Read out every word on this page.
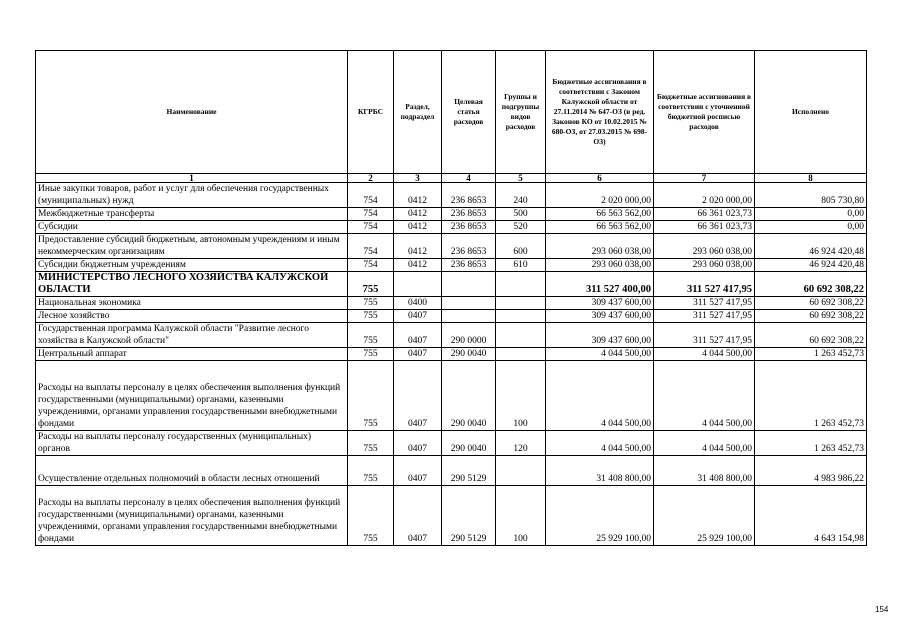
Наименование	КГРБС	Раздел, подраздел	Целевая статья расходов	Группы и подгруппы видов расходов	Бюджетные ассигнования в соответствии с Законом Калужской области от 27.11.2014 № 647-ОЗ (в ред. Законов КО от 10.02.2015 № 680-ОЗ, от 27.03.2015 № 698-ОЗ)	Бюджетные ассигнования в соответствии с уточненной бюджетной росписью расходов	Исполнено
1	2	3	4	5	6	7	8
Иные закупки товаров, работ и услуг для обеспечения государственных (муниципальных) нужд	754	0412	236 8653	240	2 020 000,00	2 020 000,00	805 730,80
Межбюджетные трансферты	754	0412	236 8653	500	66 563 562,00	66 361 023,73	0,00
Субсидии	754	0412	236 8653	520	66 563 562,00	66 361 023,73	0,00
Предоставление субсидий бюджетным, автономным учреждениям и иным некоммерческим организациям	754	0412	236 8653	600	293 060 038,00	293 060 038,00	46 924 420,48
Субсидии бюджетным учреждениям	754	0412	236 8653	610	293 060 038,00	293 060 038,00	46 924 420,48
МИНИСТЕРСТВО ЛЕСНОГО ХОЗЯЙСТВА КАЛУЖСКОЙ ОБЛАСТИ	755				311 527 400,00	311 527 417,95	60 692 308,22
Национальная экономика	755	0400			309 437 600,00	311 527 417,95	60 692 308,22
Лесное хозяйство	755	0407			309 437 600,00	311 527 417,95	60 692 308,22
Государственная программа Калужской области "Развитие лесного хозяйства в Калужской области"	755	0407	290 0000		309 437 600,00	311 527 417,95	60 692 308,22
Центральный аппарат	755	0407	290 0040		4 044 500,00	4 044 500,00	1 263 452,73
Расходы на выплаты персоналу в целях обеспечения выполнения функций государственными (муниципальными) органами, казенными учреждениями, органами управления государственными внебюджетными фондами	755	0407	290 0040	100	4 044 500,00	4 044 500,00	1 263 452,73
Расходы на выплаты персоналу государственных (муниципальных) органов	755	0407	290 0040	120	4 044 500,00	4 044 500,00	1 263 452,73
Осуществление отдельных полномочий в области лесных отношений	755	0407	290 5129		31 408 800,00	31 408 800,00	4 983 986,22
Расходы на выплаты персоналу в целях обеспечения выполнения функций государственными (муниципальными) органами, казенными учреждениями, органами управления государственными внебюджетными фондами	755	0407	290 5129	100	25 929 100,00	25 929 100,00	4 643 154,98
154
